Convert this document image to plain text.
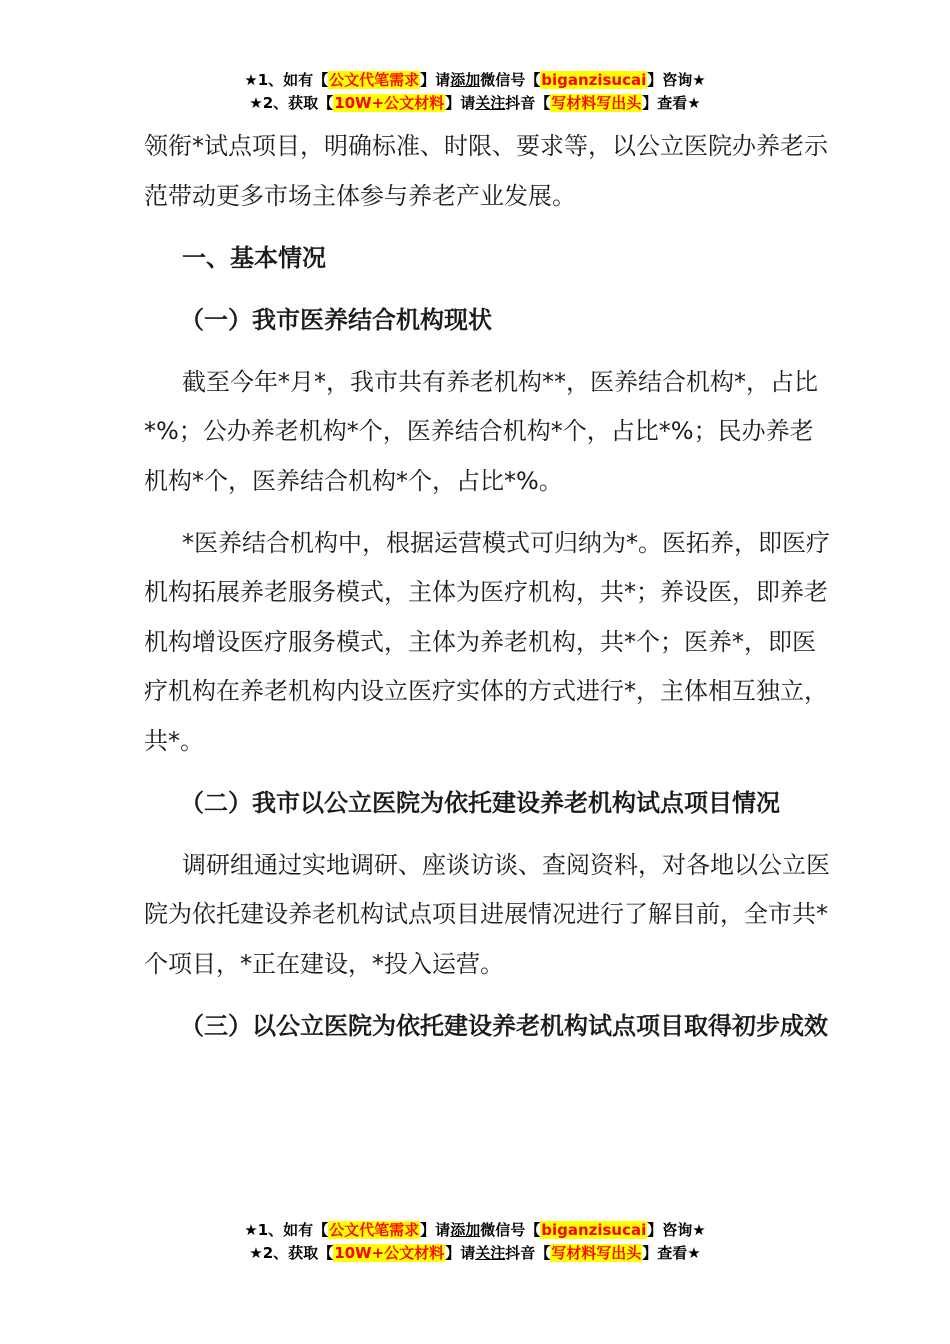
★1、如有【公文代笔需求】请添加微信号【biganzisucai】咨询★
★2、获取【10W+公文材料】请关注抖音【写材料写出头】查看★

领衔*试点项目，明确标准、时限、要求等，以公立医院办养老示范带动更多市场主体参与养老产业发展。

一、基本情况

（一）我市医养结合机构现状

截至今年*月*，我市共有养老机构**，医养结合机构*，占比*%；公办养老机构*个，医养结合机构*个，占比*%；民办养老机构*个，医养结合机构*个，占比*%。

*医养结合机构中，根据运营模式可归纳为*。医拓养，即医疗机构拓展养老服务模式，主体为医疗机构，共*；养设医，即养老机构增设医疗服务模式，主体为养老机构，共*个；医养*，即医疗机构在养老机构内设立医疗实体的方式进行*，主体相互独立，共*。

（二）我市以公立医院为依托建设养老机构试点项目情况

调研组通过实地调研、座谈访谈、查阅资料，对各地以公立医院为依托建设养老机构试点项目进展情况进行了解目前，全市共*个项目，*正在建设，*投入运营。

（三）以公立医院为依托建设养老机构试点项目取得初步成效

★1、如有【公文代笔需求】请添加微信号【biganzisucai】咨询★
★2、获取【10W+公文材料】请关注抖音【写材料写出头】查看★
